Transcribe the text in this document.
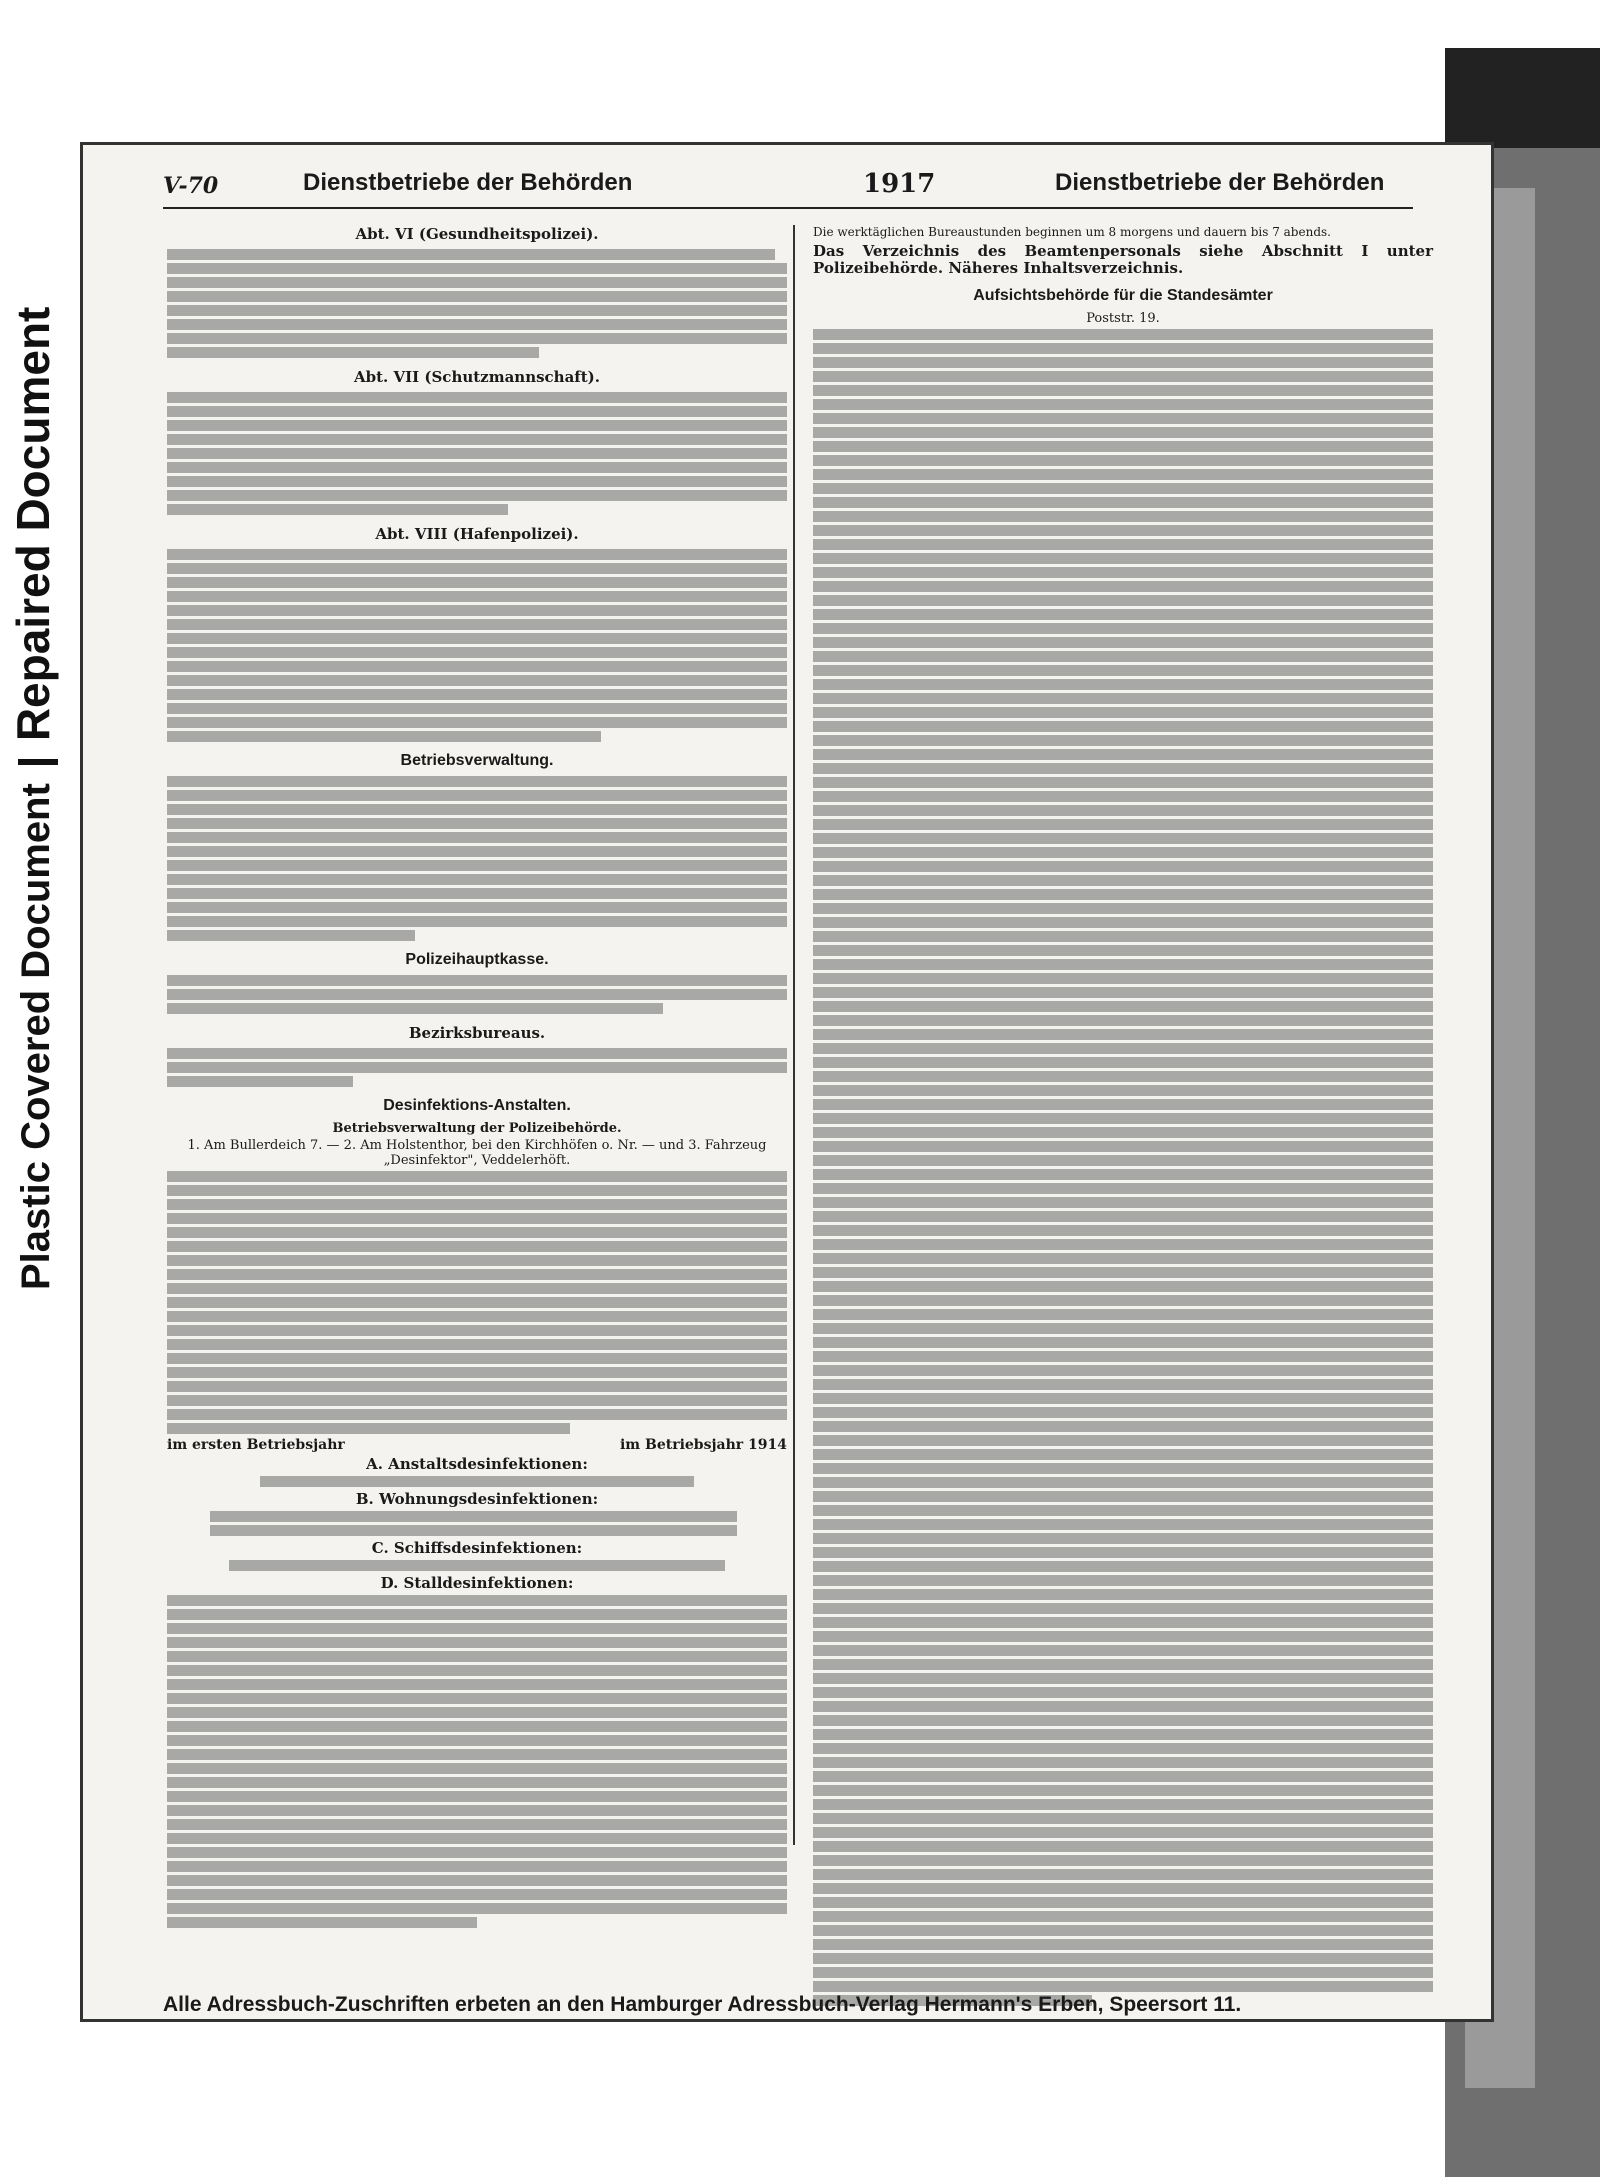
Plastic Covered DocumentRepaired Document
V-70	Dienstbetriebe der Behörden	1917	Dienstbetriebe der Behörden
Abt. VI (Gesundheitspolizei).
Abt. VII (Schutzmannschaft).
Abt. VIII (Hafenpolizei).
Betriebsverwaltung.
Polizeihauptkasse.
Bezirksbureaus.
Desinfektions-Anstalten.
Betriebsverwaltung der Polizeibehörde.
1. Am Bullerdeich 7. — 2. Am Holstenthor, bei den Kirchhöfen o. Nr. — und 3. Fahrzeug „Desinfektor", Veddelerhöft.
im ersten Betriebsjahr	im Betriebsjahr 1914
A. Anstaltsdesinfektionen:
B. Wohnungsdesinfektionen:
C. Schiffsdesinfektionen:
D. Stalldesinfektionen:
Die werktäglichen Bureaustunden beginnen um 8 morgens und dauern bis 7 abends.
Das Verzeichnis des Beamtenpersonals siehe Abschnitt I unter Polizeibehörde. Näheres Inhaltsverzeichnis.
Aufsichtsbehörde für die Standesämter
Poststr. 19.
Alle Adressbuch-Zuschriften erbeten an den Hamburger Adressbuch-Verlag Hermann's Erben, Speersort 11.
